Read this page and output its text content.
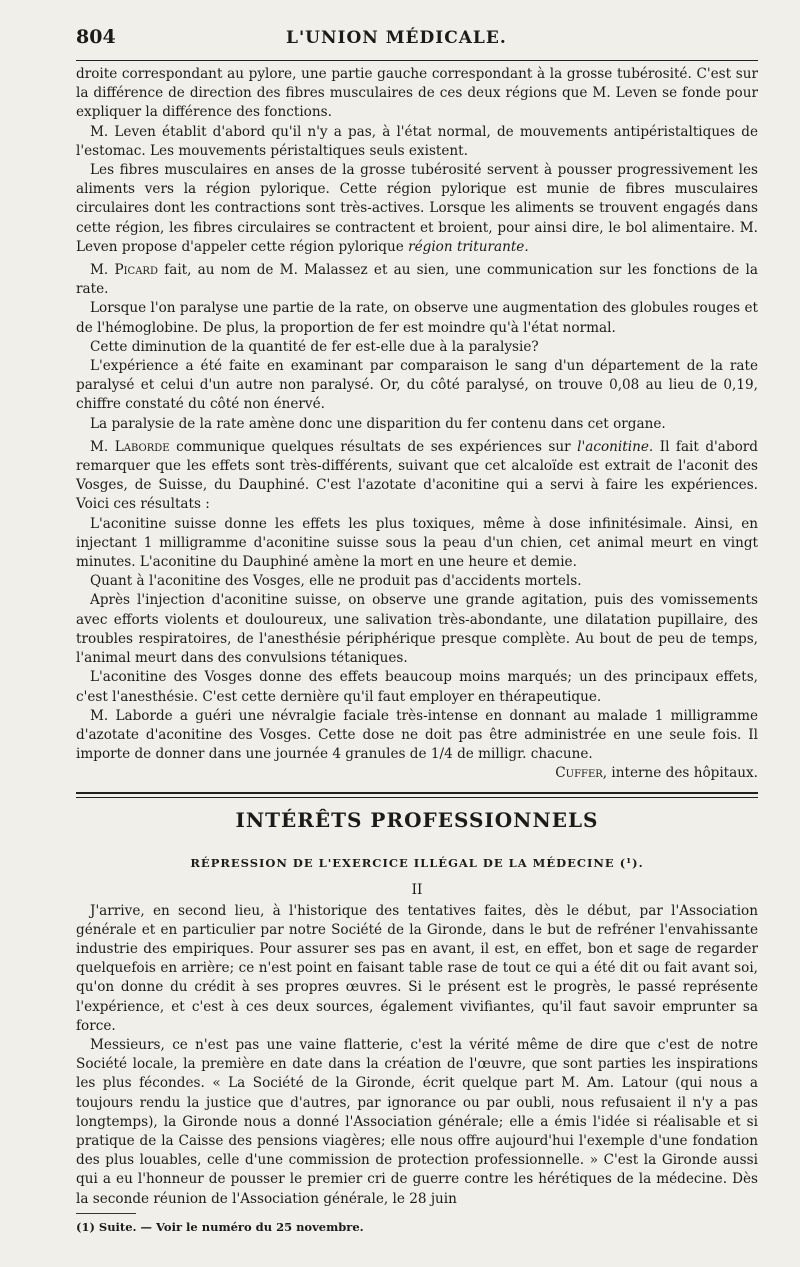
804	L'UNION MÉDICALE.

droite correspondant au pylore, une partie gauche correspondant à la grosse tubérosité. C'est sur la différence de direction des fibres musculaires de ces deux régions que M. Leven se fonde pour expliquer la différence des fonctions.

M. Leven établit d'abord qu'il n'y a pas, à l'état normal, de mouvements antipéristaltiques de l'estomac. Les mouvements péristaltiques seuls existent.

Les fibres musculaires en anses de la grosse tubérosité servent à pousser progressivement les aliments vers la région pylorique. Cette région pylorique est munie de fibres musculaires circulaires dont les contractions sont très-actives. Lorsque les aliments se trouvent engagés dans cette région, les fibres circulaires se contractent et broient, pour ainsi dire, le bol alimentaire. M. Leven propose d'appeler cette région pylorique région triturante.

M. Picard fait, au nom de M. Malassez et au sien, une communication sur les fonctions de la rate.

Lorsque l'on paralyse une partie de la rate, on observe une augmentation des globules rouges et de l'hémoglobine. De plus, la proportion de fer est moindre qu'à l'état normal.

Cette diminution de la quantité de fer est-elle due à la paralysie?

L'expérience a été faite en examinant par comparaison le sang d'un département de la rate paralysé et celui d'un autre non paralysé. Or, du côté paralysé, on trouve 0,08 au lieu de 0,19, chiffre constaté du côté non énervé.

La paralysie de la rate amène donc une disparition du fer contenu dans cet organe.

M. Laborde communique quelques résultats de ses expériences sur l'aconitine. Il fait d'abord remarquer que les effets sont très-différents, suivant que cet alcaloïde est extrait de l'aconit des Vosges, de Suisse, du Dauphiné. C'est l'azotate d'aconitine qui a servi à faire les expériences. Voici ces résultats :

L'aconitine suisse donne les effets les plus toxiques, même à dose infinitésimale. Ainsi, en injectant 1 milligramme d'aconitine suisse sous la peau d'un chien, cet animal meurt en vingt minutes. L'aconitine du Dauphiné amène la mort en une heure et demie.

Quant à l'aconitine des Vosges, elle ne produit pas d'accidents mortels.

Après l'injection d'aconitine suisse, on observe une grande agitation, puis des vomissements avec efforts violents et douloureux, une salivation très-abondante, une dilatation pupillaire, des troubles respiratoires, de l'anesthésie périphérique presque complète. Au bout de peu de temps, l'animal meurt dans des convulsions tétaniques.

L'aconitine des Vosges donne des effets beaucoup moins marqués; un des principaux effets, c'est l'anesthésie. C'est cette dernière qu'il faut employer en thérapeutique.

M. Laborde a guéri une névralgie faciale très-intense en donnant au malade 1 milligramme d'azotate d'aconitine des Vosges. Cette dose ne doit pas être administrée en une seule fois. Il importe de donner dans une journée 4 granules de 1/4 de milligr. chacune.

Cuffer, interne des hôpitaux.

INTÉRÊTS PROFESSIONNELS
RÉPRESSION DE L'EXERCICE ILLÉGAL DE LA MÉDECINE (¹).
II

J'arrive, en second lieu, à l'historique des tentatives faites, dès le début, par l'Association générale et en particulier par notre Société de la Gironde, dans le but de refréner l'envahissante industrie des empiriques. Pour assurer ses pas en avant, il est, en effet, bon et sage de regarder quelquefois en arrière; ce n'est point en faisant table rase de tout ce qui a été dit ou fait avant soi, qu'on donne du crédit à ses propres œuvres. Si le présent est le progrès, le passé représente l'expérience, et c'est à ces deux sources, également vivifiantes, qu'il faut savoir emprunter sa force.

Messieurs, ce n'est pas une vaine flatterie, c'est la vérité même de dire que c'est de notre Société locale, la première en date dans la création de l'œuvre, que sont parties les inspirations les plus fécondes. « La Société de la Gironde, écrit quelque part M. Am. Latour (qui nous a toujours rendu la justice que d'autres, par ignorance ou par oubli, nous refusaient il n'y a pas longtemps), la Gironde nous a donné l'Association générale; elle a émis l'idée si réalisable et si pratique de la Caisse des pensions viagères; elle nous offre aujourd'hui l'exemple d'une fondation des plus louables, celle d'une commission de protection professionnelle. » C'est la Gironde aussi qui a eu l'honneur de pousser le premier cri de guerre contre les hérétiques de la médecine. Dès la seconde réunion de l'Association générale, le 28 juin

(1) Suite. — Voir le numéro du 25 novembre.
